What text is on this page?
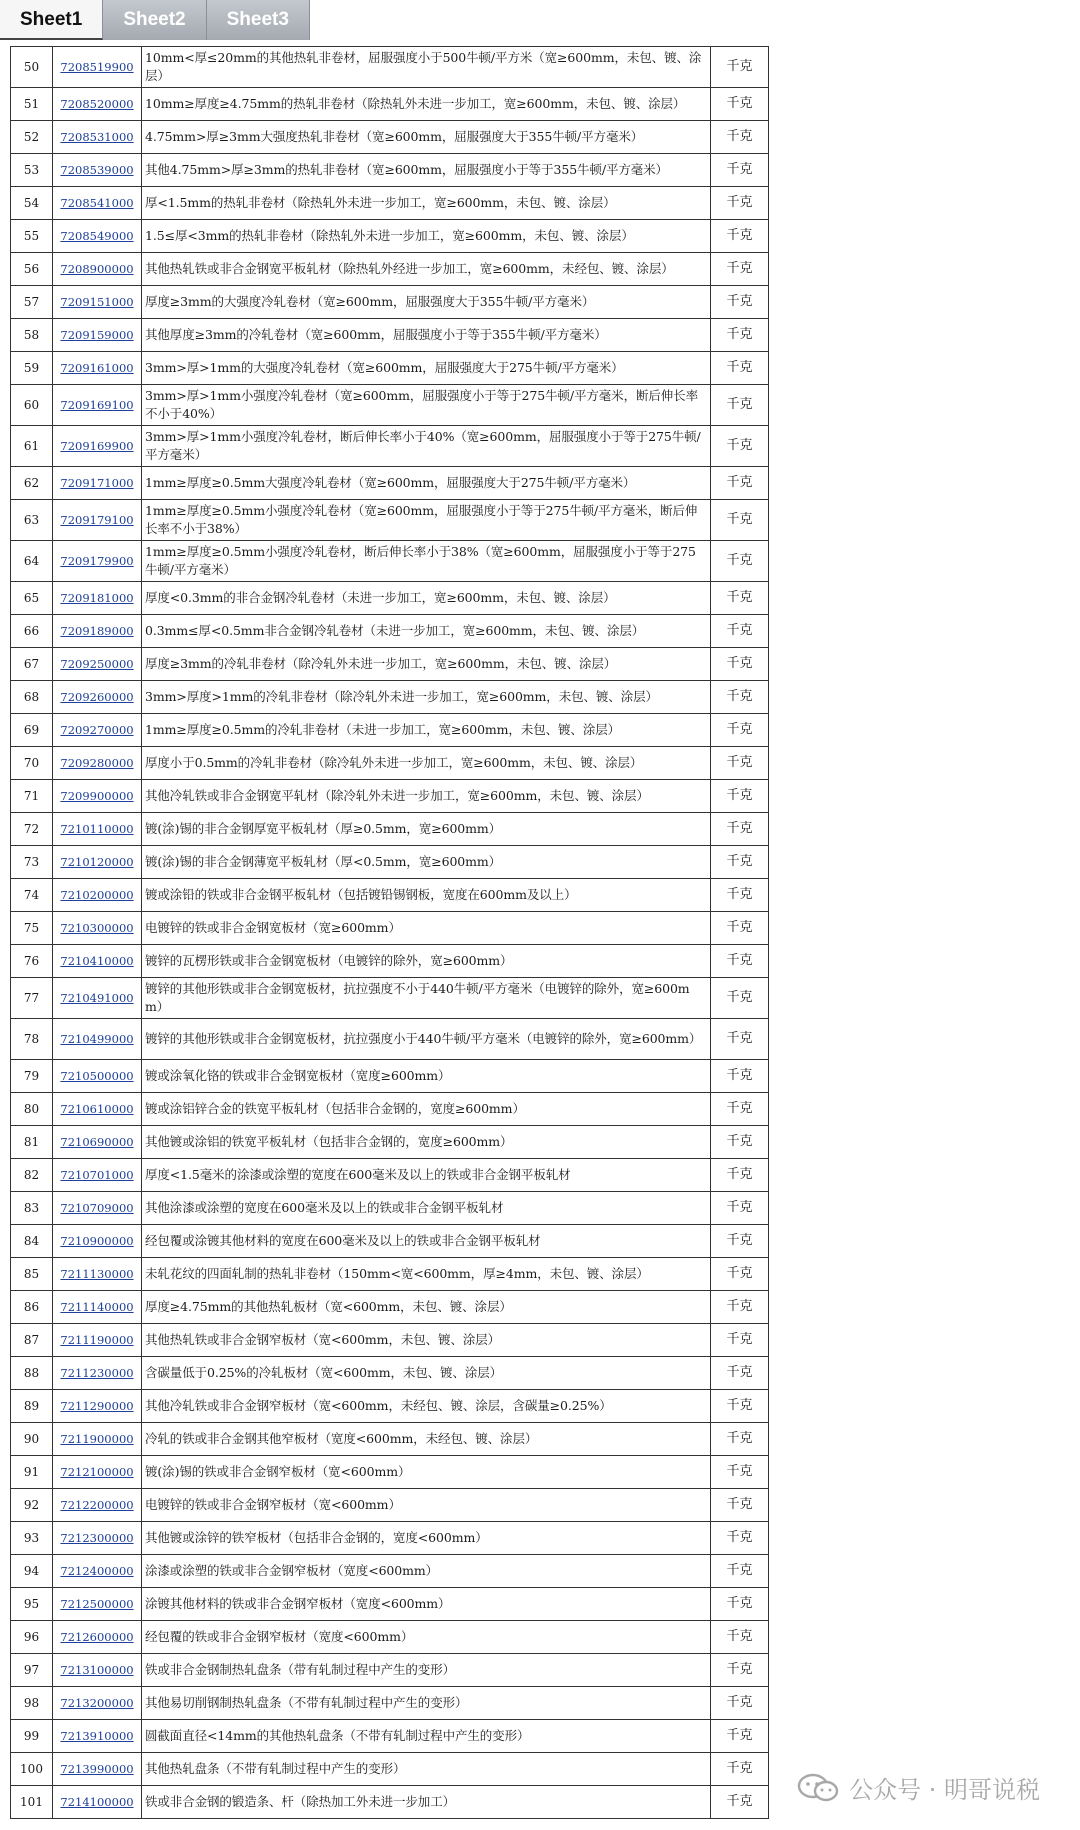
Sheet1	Sheet2	Sheet3
50	7208519900	10mm<厚≤20mm的其他热轧非卷材，屈服强度小于500牛顿/平方米（宽≥600mm，未包、镀、涂层）	千克
51	7208520000	10mm≥厚度≥4.75mm的热轧非卷材（除热轧外未进一步加工，宽≥600mm，未包、镀、涂层）	千克
52	7208531000	4.75mm>厚≥3mm大强度热轧非卷材（宽≥600mm，屈服强度大于355牛顿/平方毫米）	千克
53	7208539000	其他4.75mm>厚≥3mm的热轧非卷材（宽≥600mm，屈服强度小于等于355牛顿/平方毫米）	千克
54	7208541000	厚<1.5mm的热轧非卷材（除热轧外未进一步加工，宽≥600mm，未包、镀、涂层）	千克
55	7208549000	1.5≤厚<3mm的热轧非卷材（除热轧外未进一步加工，宽≥600mm，未包、镀、涂层）	千克
56	7208900000	其他热轧铁或非合金钢宽平板轧材（除热轧外经进一步加工，宽≥600mm，未经包、镀、涂层）	千克
57	7209151000	厚度≥3mm的大强度冷轧卷材（宽≥600mm，屈服强度大于355牛顿/平方毫米）	千克
58	7209159000	其他厚度≥3mm的冷轧卷材（宽≥600mm，屈服强度小于等于355牛顿/平方毫米）	千克
59	7209161000	3mm>厚>1mm的大强度冷轧卷材（宽≥600mm，屈服强度大于275牛顿/平方毫米）	千克
60	7209169100	3mm>厚>1mm小强度冷轧卷材（宽≥600mm，屈服强度小于等于275牛顿/平方毫米，断后伸长率不小于40%）	千克
61	7209169900	3mm>厚>1mm小强度冷轧卷材，断后伸长率小于40%（宽≥600mm，屈服强度小于等于275牛顿/平方毫米）	千克
62	7209171000	1mm≥厚度≥0.5mm大强度冷轧卷材（宽≥600mm，屈服强度大于275牛顿/平方毫米）	千克
63	7209179100	1mm≥厚度≥0.5mm小强度冷轧卷材（宽≥600mm，屈服强度小于等于275牛顿/平方毫米，断后伸长率不小于38%）	千克
64	7209179900	1mm≥厚度≥0.5mm小强度冷轧卷材，断后伸长率小于38%（宽≥600mm，屈服强度小于等于275牛顿/平方毫米）	千克
65	7209181000	厚度<0.3mm的非合金钢冷轧卷材（未进一步加工，宽≥600mm，未包、镀、涂层）	千克
66	7209189000	0.3mm≤厚<0.5mm非合金钢冷轧卷材（未进一步加工，宽≥600mm，未包、镀、涂层）	千克
67	7209250000	厚度≥3mm的冷轧非卷材（除冷轧外未进一步加工，宽≥600mm，未包、镀、涂层）	千克
68	7209260000	3mm>厚度>1mm的冷轧非卷材（除冷轧外未进一步加工，宽≥600mm，未包、镀、涂层）	千克
69	7209270000	1mm≥厚度≥0.5mm的冷轧非卷材（未进一步加工，宽≥600mm，未包、镀、涂层）	千克
70	7209280000	厚度小于0.5mm的冷轧非卷材（除冷轧外未进一步加工，宽≥600mm，未包、镀、涂层）	千克
71	7209900000	其他冷轧铁或非合金钢宽平轧材（除冷轧外未进一步加工，宽≥600mm，未包、镀、涂层）	千克
72	7210110000	镀(涂)锡的非合金钢厚宽平板轧材（厚≥0.5mm，宽≥600mm）	千克
73	7210120000	镀(涂)锡的非合金钢薄宽平板轧材（厚<0.5mm，宽≥600mm）	千克
74	7210200000	镀或涂铅的铁或非合金钢平板轧材（包括镀铅锡钢板，宽度在600mm及以上）	千克
75	7210300000	电镀锌的铁或非合金钢宽板材（宽≥600mm）	千克
76	7210410000	镀锌的瓦楞形铁或非合金钢宽板材（电镀锌的除外，宽≥600mm）	千克
77	7210491000	镀锌的其他形铁或非合金钢宽板材，抗拉强度不小于440牛顿/平方毫米（电镀锌的除外，宽≥600mm）	千克
78	7210499000	镀锌的其他形铁或非合金钢宽板材，抗拉强度小于440牛顿/平方毫米（电镀锌的除外，宽≥600mm）	千克
79	7210500000	镀或涂氧化铬的铁或非合金钢宽板材（宽度≥600mm）	千克
80	7210610000	镀或涂铝锌合金的铁宽平板轧材（包括非合金钢的，宽度≥600mm）	千克
81	7210690000	其他镀或涂铝的铁宽平板轧材（包括非合金钢的，宽度≥600mm）	千克
82	7210701000	厚度<1.5毫米的涂漆或涂塑的宽度在600毫米及以上的铁或非合金钢平板轧材	千克
83	7210709000	其他涂漆或涂塑的宽度在600毫米及以上的铁或非合金钢平板轧材	千克
84	7210900000	经包覆或涂镀其他材料的宽度在600毫米及以上的铁或非合金钢平板轧材	千克
85	7211130000	未轧花纹的四面轧制的热轧非卷材（150mm<宽<600mm，厚≥4mm，未包、镀、涂层）	千克
86	7211140000	厚度≥4.75mm的其他热轧板材（宽<600mm，未包、镀、涂层）	千克
87	7211190000	其他热轧铁或非合金钢窄板材（宽<600mm，未包、镀、涂层）	千克
88	7211230000	含碳量低于0.25%的冷轧板材（宽<600mm，未包、镀、涂层）	千克
89	7211290000	其他冷轧铁或非合金钢窄板材（宽<600mm，未经包、镀、涂层，含碳量≥0.25%）	千克
90	7211900000	冷轧的铁或非合金钢其他窄板材（宽度<600mm，未经包、镀、涂层）	千克
91	7212100000	镀(涂)锡的铁或非合金钢窄板材（宽<600mm）	千克
92	7212200000	电镀锌的铁或非合金钢窄板材（宽<600mm）	千克
93	7212300000	其他镀或涂锌的铁窄板材（包括非合金钢的，宽度<600mm）	千克
94	7212400000	涂漆或涂塑的铁或非合金钢窄板材（宽度<600mm）	千克
95	7212500000	涂镀其他材料的铁或非合金钢窄板材（宽度<600mm）	千克
96	7212600000	经包覆的铁或非合金钢窄板材（宽度<600mm）	千克
97	7213100000	铁或非合金钢制热轧盘条（带有轧制过程中产生的变形）	千克
98	7213200000	其他易切削钢制热轧盘条（不带有轧制过程中产生的变形）	千克
99	7213910000	圆截面直径<14mm的其他热轧盘条（不带有轧制过程中产生的变形）	千克
100	7213990000	其他热轧盘条（不带有轧制过程中产生的变形）	千克
101	7214100000	铁或非合金钢的锻造条、杆（除热加工外未进一步加工）	千克	公众号 · 明哥说税
